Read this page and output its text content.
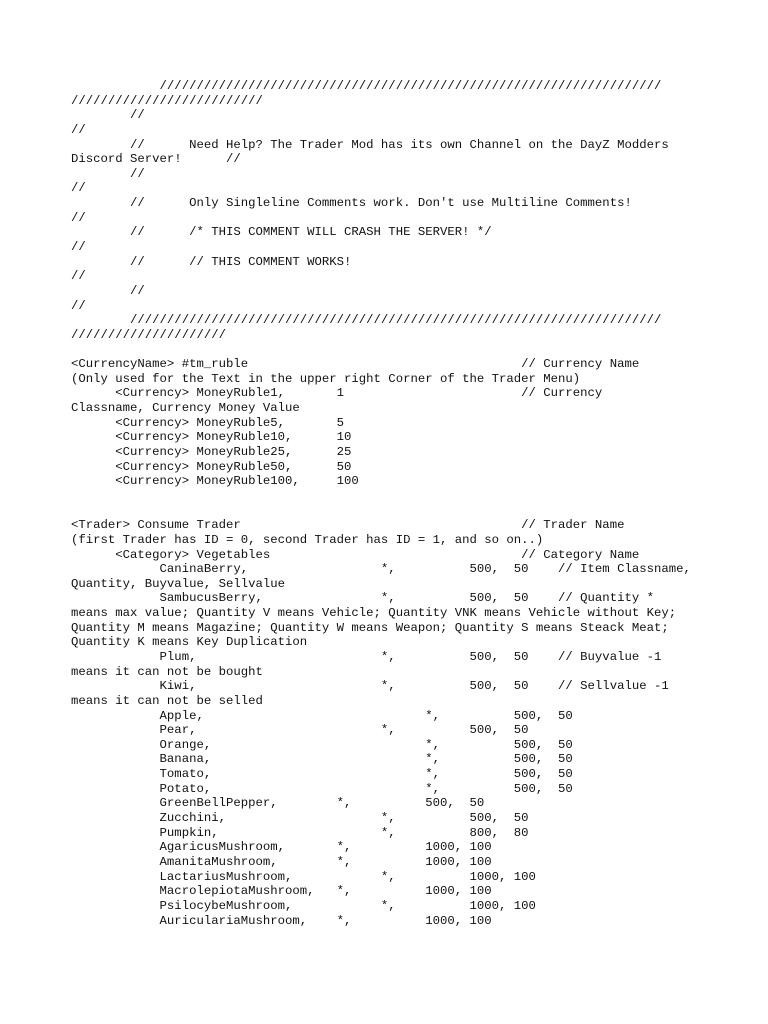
////////////////////////////////////////////////////////////////////
//////////////////////////
//
//
//      Need Help? The Trader Mod has its own Channel on the DayZ Modders
Discord Server!      //
//
//
//      Only Singleline Comments work. Don't use Multiline Comments!
//
//      /* THIS COMMENT WILL CRASH THE SERVER! */
//
//      // THIS COMMENT WORKS!
//
//
//
////////////////////////////////////////////////////////////////////////
/////////////////////
<CurrencyName> #tm_ruble                                     // Currency Name
(Only used for the Text in the upper right Corner of the Trader Menu)
<Currency> MoneyRuble1,       1                        // Currency
Classname, Currency Money Value
<Currency> MoneyRuble5,       5
<Currency> MoneyRuble10,      10
<Currency> MoneyRuble25,      25
<Currency> MoneyRuble50,      50
<Currency> MoneyRuble100,     100
<Trader> Consume Trader                                      // Trader Name
(first Trader has ID = 0, second Trader has ID = 1, and so on..)
<Category> Vegetables                                  // Category Name
CaninaBerry,                  *,          500,  50    // Item Classname,
Quantity, Buyvalue, Sellvalue
SambucusBerry,                *,          500,  50    // Quantity *
means max value; Quantity V means Vehicle; Quantity VNK means Vehicle without Key;
Quantity M means Magazine; Quantity W means Weapon; Quantity S means Steack Meat;
Quantity K means Key Duplication
Plum,                         *,          500,  50    // Buyvalue -1
means it can not be bought
Kiwi,                         *,          500,  50    // Sellvalue -1
means it can not be selled
Apple,                              *,          500,  50
Pear,                         *,          500,  50
Orange,                             *,          500,  50
Banana,                             *,          500,  50
Tomato,                             *,          500,  50
Potato,                             *,          500,  50
GreenBellPepper,        *,          500,  50
Zucchini,                     *,          500,  50
Pumpkin,                      *,          800,  80
AgaricusMushroom,       *,          1000, 100
AmanitaMushroom,        *,          1000, 100
LactariusMushroom,            *,          1000, 100
MacrolepiotaMushroom,   *,          1000, 100
PsilocybeMushroom,            *,          1000, 100
AuriculariaMushroom,    *,          1000, 100
